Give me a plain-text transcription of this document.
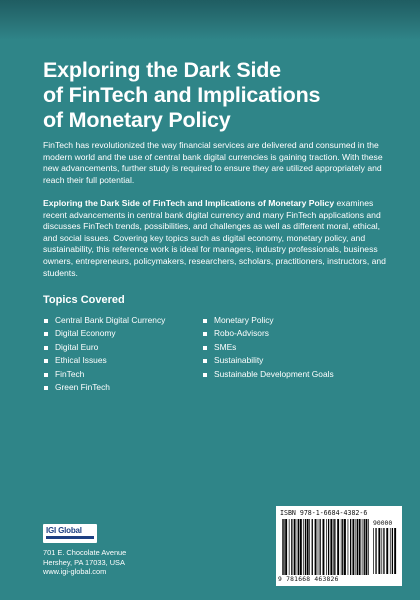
Exploring the Dark Side
of FinTech and Implications
of Monetary Policy

FinTech has revolutionized the way financial services are delivered and consumed in the modern world and the use of central bank digital currencies is gaining traction. With these new advancements, further study is required to ensure they are utilized appropriately and reach their full potential.

Exploring the Dark Side of FinTech and Implications of Monetary Policy examines recent advancements in central bank digital currency and many FinTech applications and discusses FinTech trends, possibilities, and challenges as well as different moral, ethical, and social issues. Covering key topics such as digital economy, monetary policy, and sustainability, this reference work is ideal for managers, industry professionals, business owners, entrepreneurs, policymakers, researchers, scholars, practitioners, instructors, and students.

Topics Covered
Central Bank Digital Currency
Digital Economy
Digital Euro
Ethical Issues
FinTech
Green FinTech
Monetary Policy
Robo-Advisors
SMEs
Sustainability
Sustainable Development Goals
IGI Global
701 E. Chocolate Avenue
Hershey, PA 17033, USA
www.igi-global.com
ISBN 978-1-6684-4382-6
90000
9 781668 463826
